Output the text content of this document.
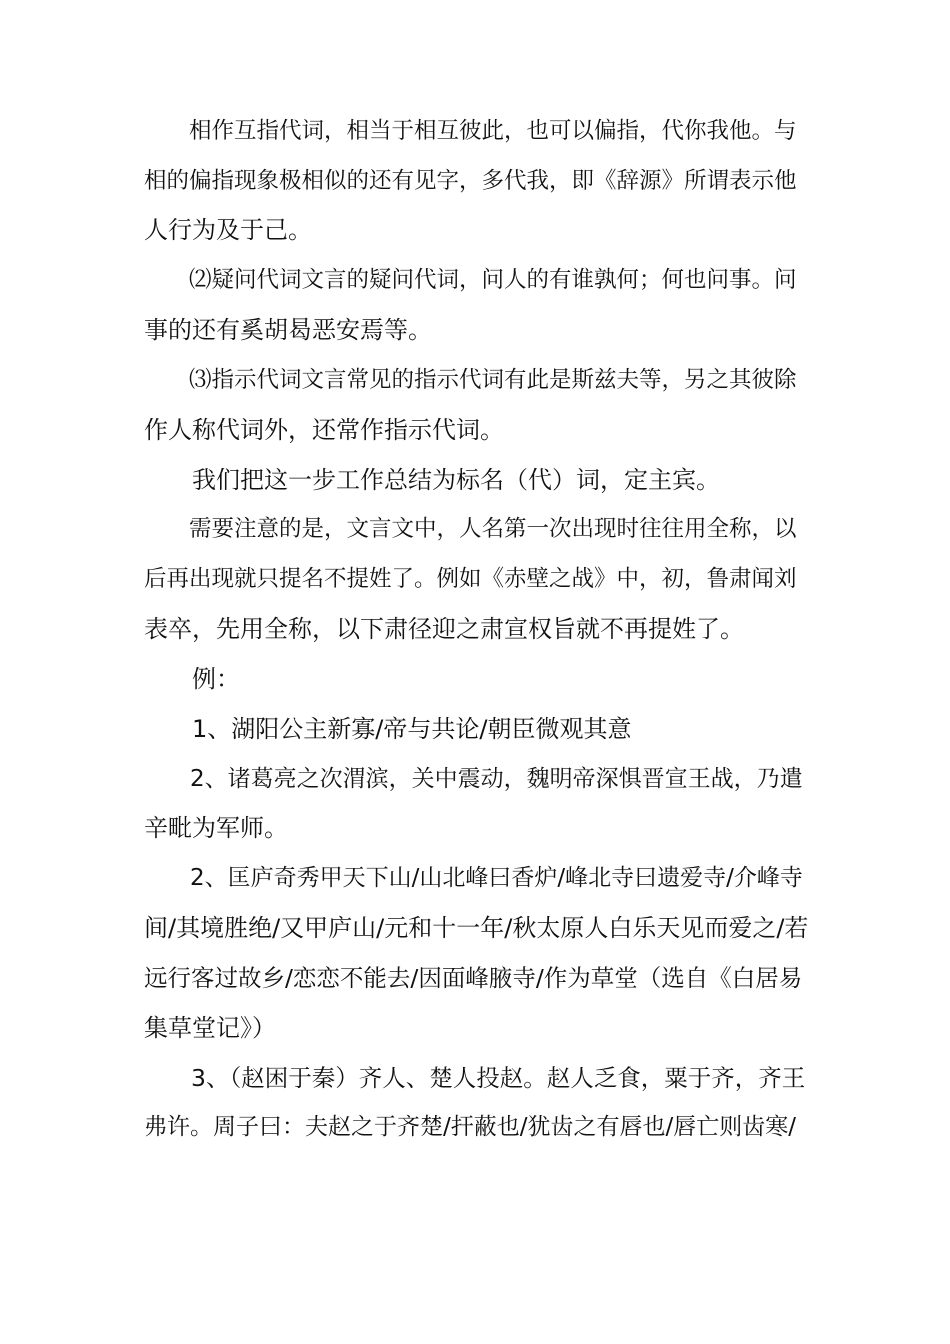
　　相作互指代词，相当于相互彼此，也可以偏指，代你我他。与
相的偏指现象极相似的还有见字，多代我，即《辞源》所谓表示他
人行为及于己。
　　⑵疑问代词文言的疑问代词，问人的有谁孰何；何也问事。问
事的还有奚胡曷恶安焉等。
　　⑶指示代词文言常见的指示代词有此是斯兹夫等，另之其彼除
作人称代词外，还常作指示代词。
　　我们把这一步工作总结为标名（代）词，定主宾。
　　需要注意的是，文言文中，人名第一次出现时往往用全称，以
后再出现就只提名不提姓了。例如《赤壁之战》中，初，鲁肃闻刘
表卒，先用全称，以下肃径迎之肃宣权旨就不再提姓了。
　　例：
　　1、湖阳公主新寡/帝与共论/朝臣微观其意
　　2、诸葛亮之次渭滨，关中震动，魏明帝深惧晋宣王战，乃遣
辛毗为军师。
　　2、匡庐奇秀甲天下山/山北峰曰香炉/峰北寺曰遗爱寺/介峰寺
间/其境胜绝/又甲庐山/元和十一年/秋太原人白乐天见而爱之/若
远行客过故乡/恋恋不能去/因面峰腋寺/作为草堂（选自《白居易
集草堂记》）
　　3、（赵困于秦）齐人、楚人投赵。赵人乏食，粟于齐，齐王
弗许。周子曰：夫赵之于齐楚/扞蔽也/犹齿之有唇也/唇亡则齿寒/
